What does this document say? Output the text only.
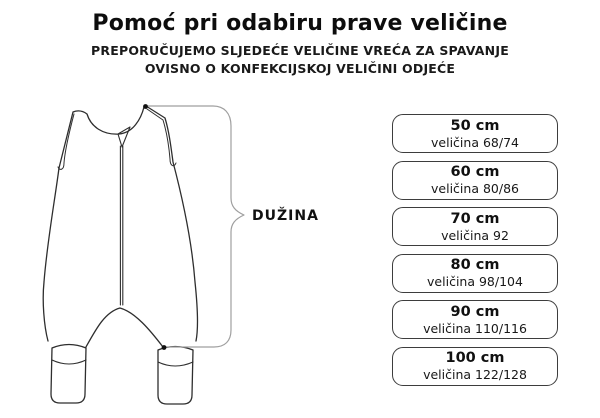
Pomoć pri odabiru prave veličine

PREPORUČUJEMO SLJEDEĆE VELIČINE VREĆA ZA SPAVANJE

OVISNO O KONFEKCIJSKOJ VELIČINI ODJEĆE

DUŽINA
50 cm
veličina 68/74
60 cm
veličina 80/86
70 cm
veličina 92
80 cm
veličina 98/104
90 cm
veličina 110/116
100 cm
veličina 122/128
